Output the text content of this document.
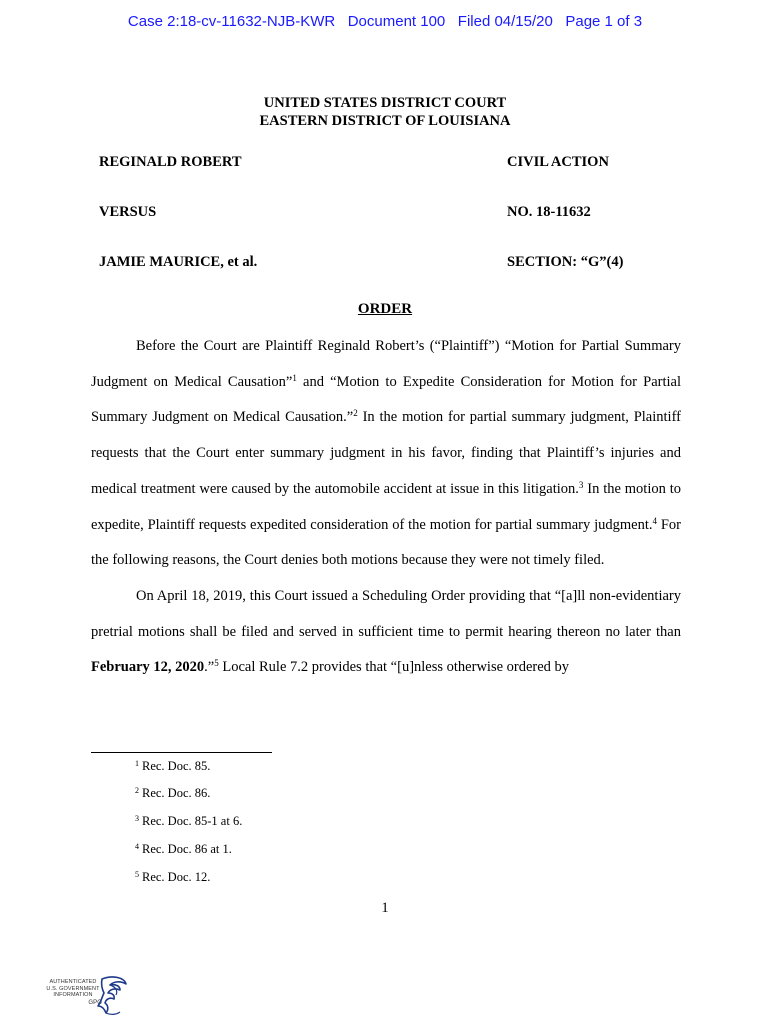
Case 2:18-cv-11632-NJB-KWR   Document 100   Filed 04/15/20   Page 1 of 3
UNITED STATES DISTRICT COURT
EASTERN DISTRICT OF LOUISIANA
REGINALD ROBERT	CIVIL ACTION
VERSUS	NO. 18-11632
JAMIE MAURICE, et al.	SECTION: “G”(4)
ORDER

Before the Court are Plaintiff Reginald Robert’s (“Plaintiff”) “Motion for Partial Summary Judgment on Medical Causation”$^1$ and “Motion to Expedite Consideration for Motion for Partial Summary Judgment on Medical Causation.”$^2$ In the motion for partial summary judgment, Plaintiff requests that the Court enter summary judgment in his favor, finding that Plaintiff’s injuries and medical treatment were caused by the automobile accident at issue in this litigation.$^3$ In the motion to expedite, Plaintiff requests expedited consideration of the motion for partial summary judgment.$^4$ For the following reasons, the Court denies both motions because they were not timely filed.

On April 18, 2019, this Court issued a Scheduling Order providing that “[a]ll non-evidentiary pretrial motions shall be filed and served in sufficient time to permit hearing thereon no later than February 12, 2020.”$^5$ Local Rule 7.2 provides that “[u]nless otherwise ordered by

$^1$ Rec. Doc. 85.
$^2$ Rec. Doc. 86.
$^3$ Rec. Doc. 85-1 at 6.
$^4$ Rec. Doc. 86 at 1.
$^5$ Rec. Doc. 12.
1
AUTHENTICATED
U.S. GOVERNMENT
INFORMATION
GPO
